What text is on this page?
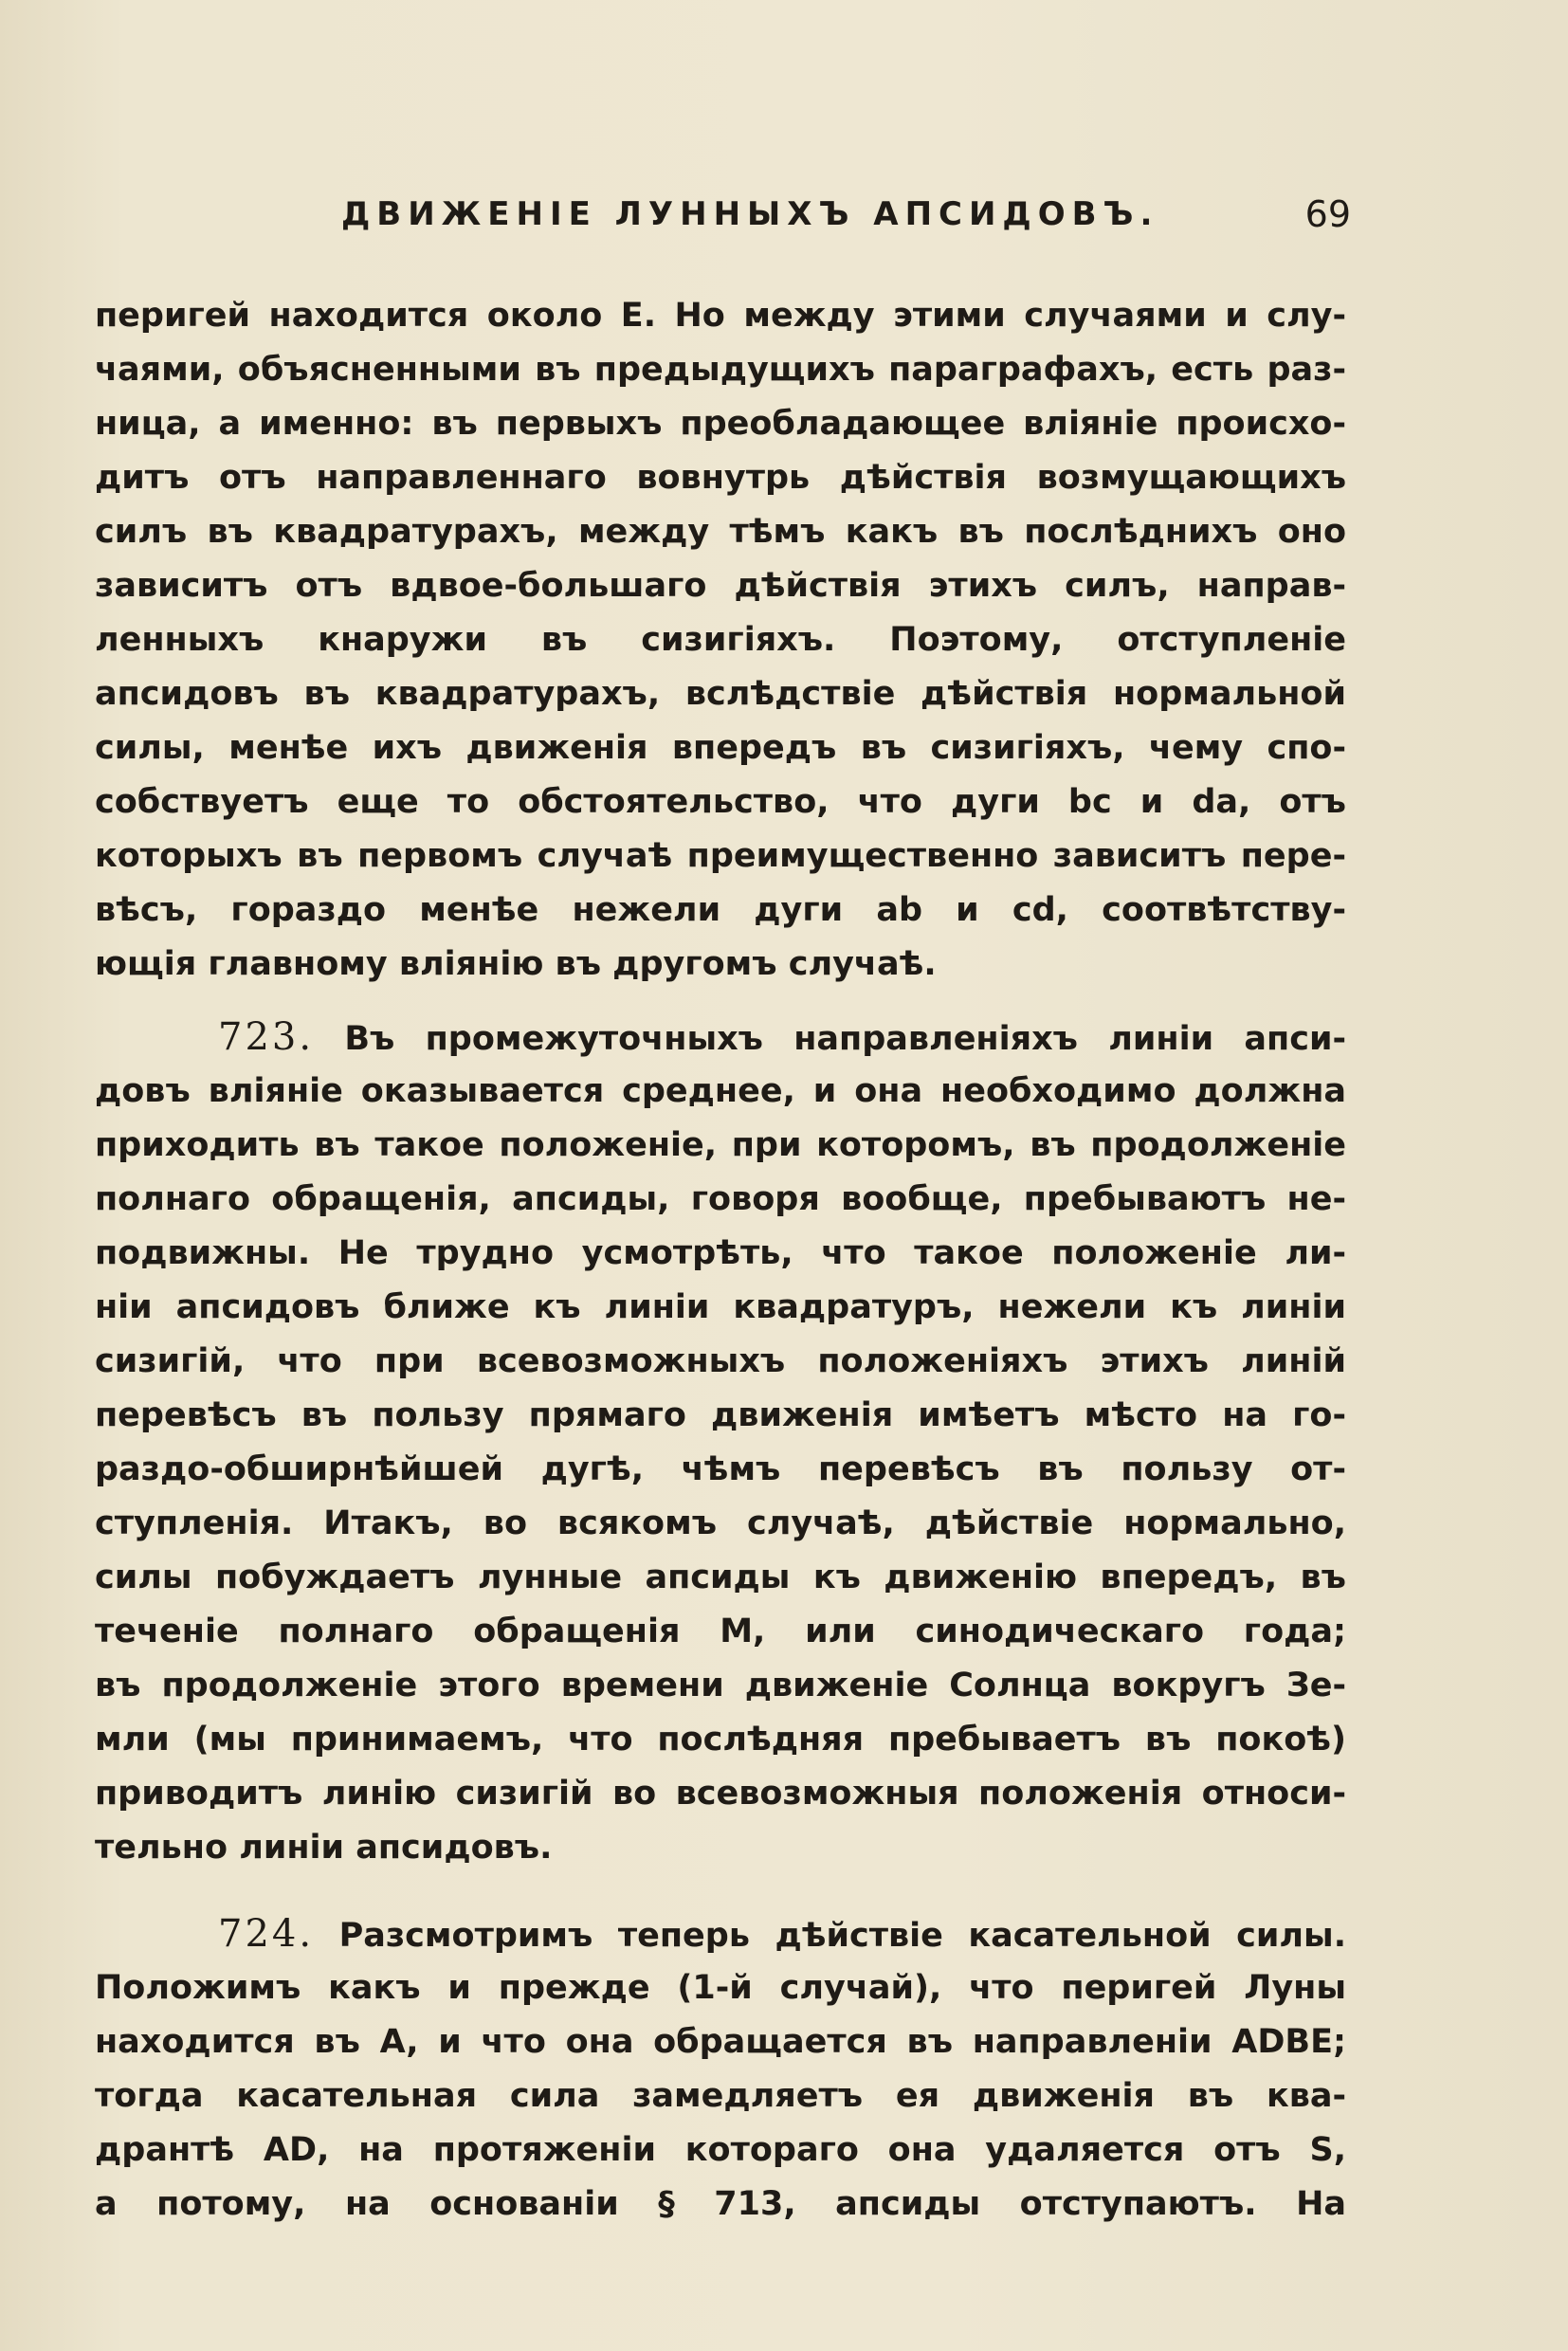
ДВИЖЕНІЕ ЛУННЫХЪ АПСИДОВЪ.	69
перигей находится около E. Но между этими случаями и слу-
чаями, объясненными въ предыдущихъ параграфахъ, есть раз-
ница, а именно: въ первыхъ преобладающее вліяніе происхо-
дитъ отъ направленнаго вовнутрь дѣйствія возмущающихъ
силъ въ квадратурахъ, между тѣмъ какъ въ послѣднихъ оно
зависитъ отъ вдвое-большаго дѣйствія этихъ силъ, направ-
ленныхъ кнаружи въ сизигіяхъ. Поэтому, отступленіе
апсидовъ въ квадратурахъ, вслѣдствіе дѣйствія нормальной
силы, менѣе ихъ движенія впередъ въ сизигіяхъ, чему спо-
собствуетъ еще то обстоятельство, что дуги bc и da, отъ
которыхъ въ первомъ случаѣ преимущественно зависитъ пере-
вѣсъ, гораздо менѣе нежели дуги ab и cd, соотвѣтству-
ющія главному вліянію въ другомъ случаѣ.
723. Въ промежуточныхъ направленіяхъ линіи апси-
довъ вліяніе оказывается среднее, и она необходимо должна
приходить въ такое положеніе, при которомъ, въ продолженіе
полнаго обращенія, апсиды, говоря вообще, пребываютъ не-
подвижны. Не трудно усмотрѣть, что такое положеніе ли-
ніи апсидовъ ближе къ линіи квадратуръ, нежели къ линіи
сизигій, что при всевозможныхъ положеніяхъ этихъ линій
перевѣсъ въ пользу прямаго движенія имѣетъ мѣсто на го-
раздо-обширнѣйшей дугѣ, чѣмъ перевѣсъ въ пользу от-
ступленія. Итакъ, во всякомъ случаѣ, дѣйствіе нормально,
силы побуждаетъ лунные апсиды къ движенію впередъ, въ
теченіе полнаго обращенія M, или синодическаго года;
въ продолженіе этого времени движеніе Солнца вокругъ Зе-
мли (мы принимаемъ, что послѣдняя пребываетъ въ покоѣ)
приводитъ линію сизигій во всевозможныя положенія относи-
тельно линіи апсидовъ.
724. Разсмотримъ теперь дѣйствіе касательной силы.
Положимъ какъ и прежде (1-й случай), что перигей Луны
находится въ A, и что она обращается въ направленіи ADBE;
тогда касательная сила замедляетъ ея движенія въ ква-
дрантѣ AD, на протяженіи котораго она удаляется отъ S,
а потому, на основаніи § 713, апсиды отступаютъ. На
